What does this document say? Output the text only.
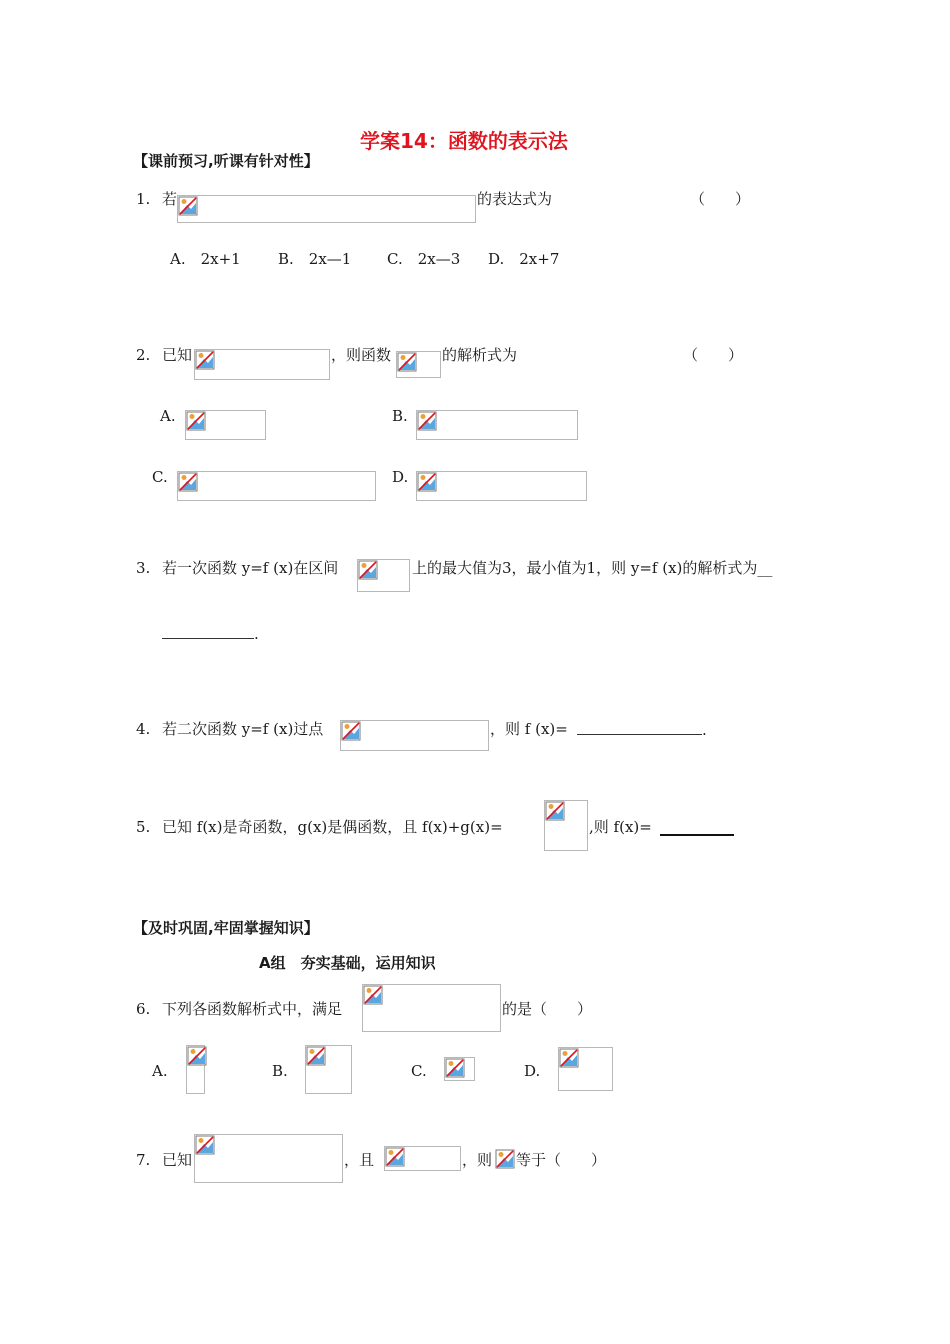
学案14：函数的表示法
【课前预习,听课有针对性】
1. 若	的表达式为	（　　）
A.　2x+1 B.　2x—1 C.　2x—3 D.　2x+7
2. 已知	，则函数	的解析式为	（　　）
A.	B.
C.	D.
3. 若一次函数 y=f (x)在区间	上的最大值为3，最小值为1，则 y=f (x)的解析式为__
.
4. 若二次函数 y=f (x)过点	，则 f (x)=	.
5. 已知 f(x)是奇函数，g(x)是偶函数，且 f(x)+g(x)=	,则 f(x)=
【及时巩固,牢固掌握知识】
A组　夯实基础，运用知识
6. 下列各函数解析式中，满足	的是（　　）
A.	B.	C.	D.
7. 已知	，且	，则 等于（　　）
